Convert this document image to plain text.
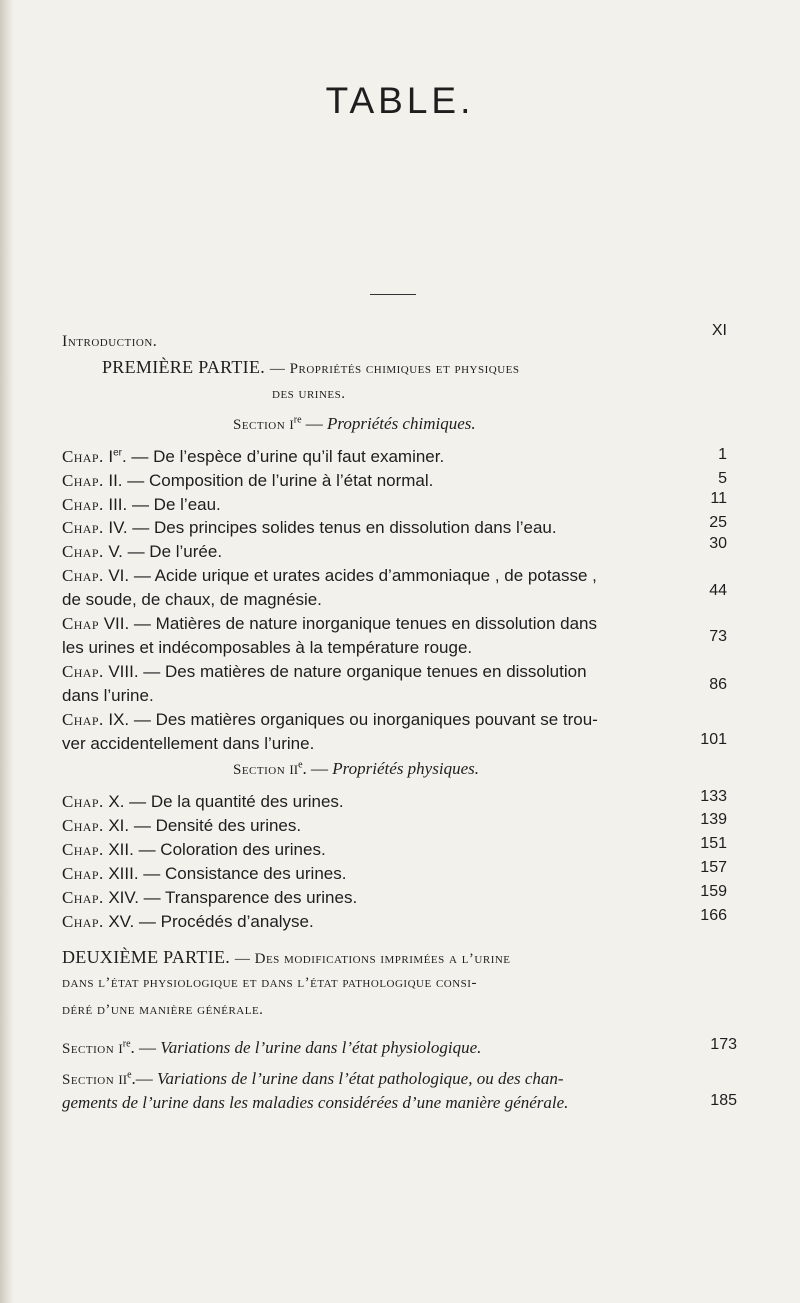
TABLE.
Introduction.
XI
PREMIÈRE PARTIE. — Propriétés chimiques et physiques
des urines.
Section Ire — Propriétés chimiques.
Chap. Ier. — De l’espèce d’urine qu’il faut examiner.	1
Chap. II. — Composition de l’urine à l’état normal.	5
Chap. III. — De l’eau.	11
Chap. IV. — Des principes solides tenus en dissolution dans l’eau.	25
Chap. V. — De l’urée.	30
Chap. VI. — Acide urique et urates acides d’ammoniaque , de potasse ,
de soude, de chaux, de magnésie.	44
Chap VII. — Matières de nature inorganique tenues en dissolution dans
les urines et indécomposables à la température rouge.
73
Chap. VIII. — Des matières de nature organique tenues en dissolution
dans l’urine.
86
Chap. IX. — Des matières organiques ou inorganiques pouvant se trou-
ver accidentellement dans l’urine.	101
Section IIe. — Propriétés physiques.
Chap. X. — De la quantité des urines.	133
Chap. XI. — Densité des urines.	139
Chap. XII. — Coloration des urines.	151
Chap. XIII. — Consistance des urines.	157
Chap. XIV. — Transparence des urines.	159
Chap. XV. — Procédés d’analyse.	166
DEUXIÈME PARTIE. — Des modifications imprimées a l’urine
dans l’état physiologique et dans l’état pathologique consi-
déré d’une manière générale.
Section Ire. — Variations de l’urine dans l’état physiologique.	173
Section IIe.— Variations de l’urine dans l’état pathologique, ou des chan-
gements de l’urine dans les maladies considérées d’une manière générale.	185
